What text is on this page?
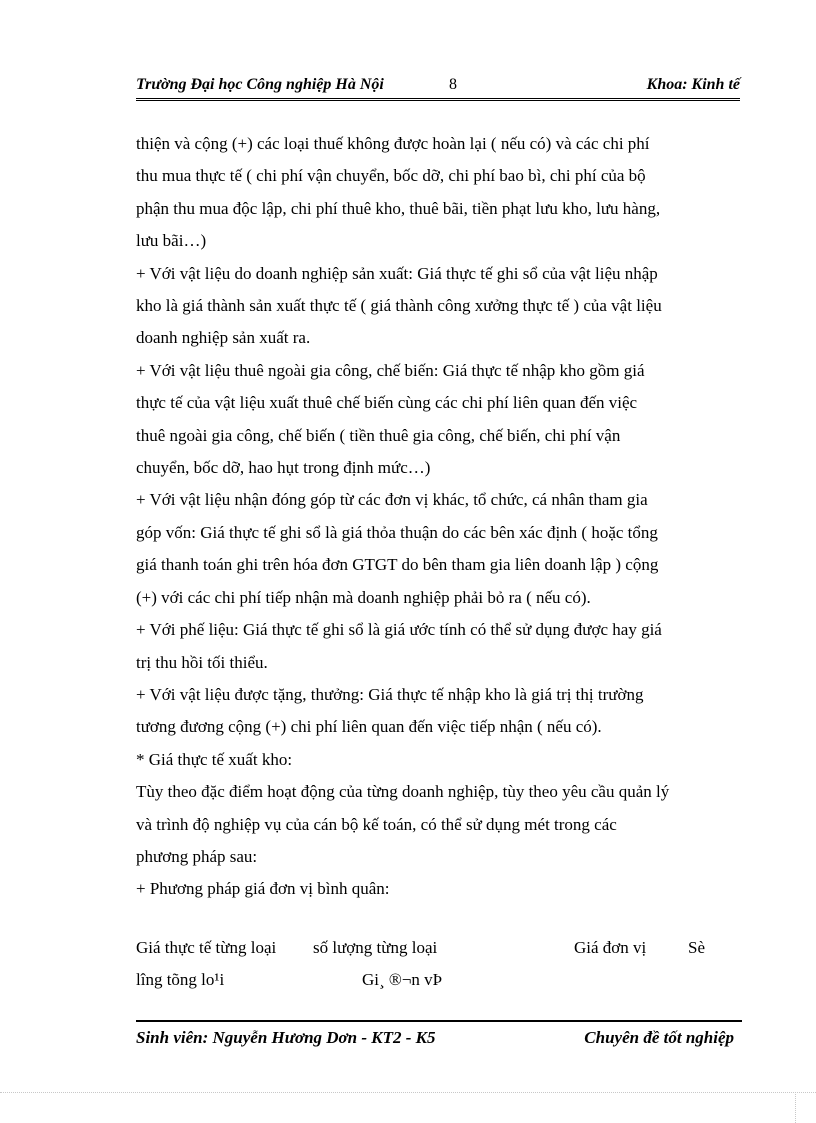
Trường Đại học Công nghiệp Hà Nội	8	Khoa: Kinh tế

thiện và cộng (+) các loại thuế không được hoàn lại ( nếu có) và các chi phí

thu mua thực tế ( chi phí vận chuyển, bốc dỡ, chi phí bao bì, chi phí của bộ

phận thu mua độc lập, chi phí thuê kho, thuê bãi, tiền phạt lưu kho, lưu hàng,

lưu bãi…)

+ Với vật liệu do doanh nghiệp sản xuất: Giá thực tế ghi sổ của vật liệu nhập

kho là giá thành sản xuất thực tế ( giá thành công xưởng thực tế ) của vật liệu

doanh nghiệp sản xuất ra.

+ Với vật liệu thuê ngoài gia công, chế biến: Giá thực tế nhập kho gồm giá

thực tế của vật liệu xuất thuê chế biến cùng các chi phí liên quan đến việc

thuê ngoài gia công, chế biến ( tiền thuê gia công, chế biến, chi phí vận

chuyển, bốc dỡ, hao hụt trong định mức…)

+ Với vật liệu nhận đóng góp từ các đơn vị khác, tổ chức, cá nhân tham gia

góp vốn: Giá thực tế ghi sổ là giá thỏa thuận do các bên xác định ( hoặc tổng

giá thanh toán ghi trên hóa đơn GTGT do bên tham gia liên doanh lập ) cộng

(+) với các chi phí tiếp nhận mà doanh nghiệp phải bỏ ra ( nếu có).

+ Với phế liệu: Giá thực tế ghi sổ là giá ước tính có thể sử dụng được hay giá

trị thu hồi tối thiểu.

+ Với vật liệu được tặng, thưởng: Giá thực tế nhập kho là giá trị thị trường

tương đương cộng (+) chi phí liên quan đến việc tiếp nhận ( nếu có).

* Giá thực tế xuất kho:

Tùy theo đặc điểm hoạt động của từng doanh nghiệp, tùy theo yêu cầu quản lý

và trình độ nghiệp vụ của cán bộ kế toán, có thể sử dụng mét trong các

phương pháp sau:

+ Phương pháp giá đơn vị bình quân:

Giá thực tế từng loại số lượng từng loại	Giá đơn vị Sè
lîng tõng lo¹i	Gi¸ ®¬n vÞ
Sinh viên: Nguyễn Hương Dơn - KT2 - K5	Chuyên đề tốt nghiệp
